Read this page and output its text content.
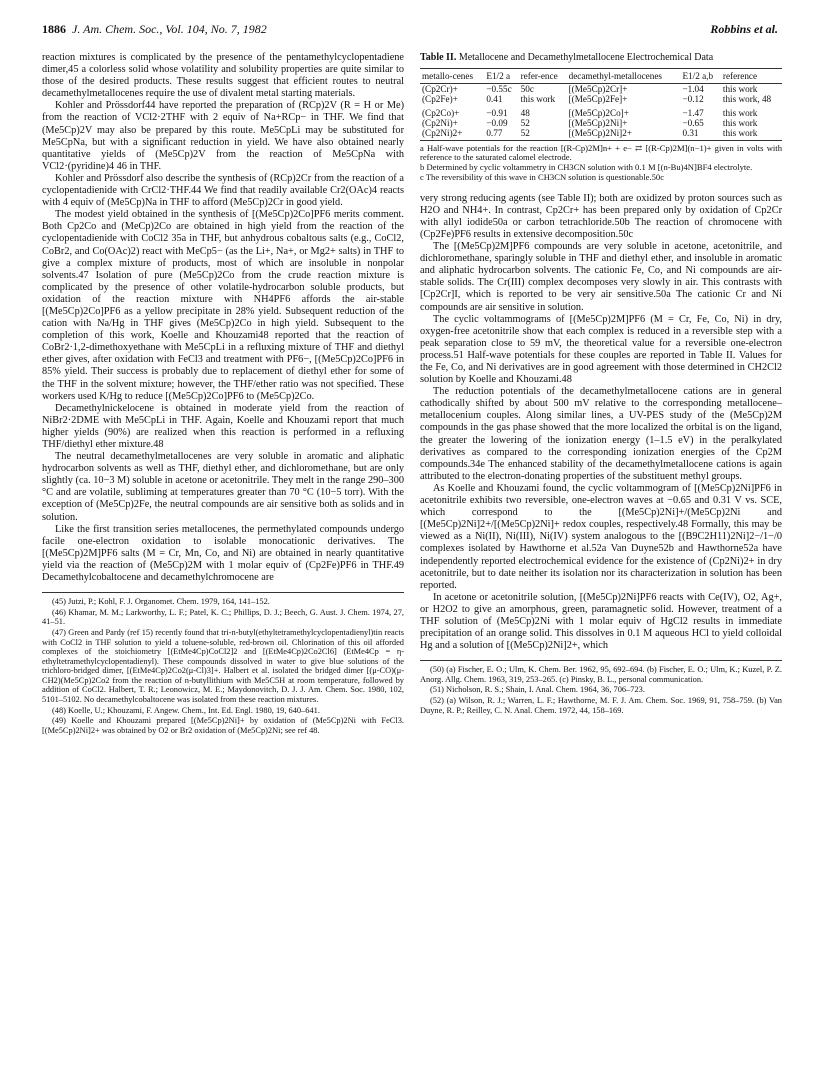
1886 J. Am. Chem. Soc., Vol. 104, No. 7, 1982	Robbins et al.

reaction mixtures is complicated by the presence of the pentamethylcyclopentadiene dimer,45 a colorless solid whose volatility and solubility properties are quite similar to those of the desired products. These results suggest that efficient routes to neutral decamethylmetallocenes require the use of divalent metal starting materials.

Kohler and Prössdorf44 have reported the preparation of (RCp)2V (R = H or Me) from the reaction of VCl2·2THF with 2 equiv of Na+RCp− in THF. We find that (Me5Cp)2V may also be prepared by this route. Me5CpLi may be substituted for Me5CpNa, but with a significant reduction in yield. We have also obtained nearly quantitative yields of (Me5Cp)2V from the reaction of Me5CpNa with VCl2·(pyridine)4 46 in THF.

Kohler and Prössdorf also describe the synthesis of (RCp)2Cr from the reaction of a cyclopentadienide with CrCl2·THF.44 We find that readily available Cr2(OAc)4 reacts with 4 equiv of (Me5Cp)Na in THF to afford (Me5Cp)2Cr in good yield.

The modest yield obtained in the synthesis of [(Me5Cp)2Co]PF6 merits comment. Both Cp2Co and (MeCp)2Co are obtained in high yield from the reaction of the cyclopentadienide with CoCl2 35a in THF, but anhydrous cobaltous salts (e.g., CoCl2, CoBr2, and Co(OAc)2) react with MeCp5− (as the Li+, Na+, or Mg2+ salts) in THF to give a complex mixture of products, most of which are insoluble in nonpolar solvents.47 Isolation of pure (Me5Cp)2Co from the crude reaction mixture is complicated by the presence of other volatile-hydrocarbon soluble products, but oxidation of the reaction mixture with NH4PF6 affords the air-stable [(Me5Cp)2Co]PF6 as a yellow precipitate in 28% yield. Subsequent reduction of the cation with Na/Hg in THF gives (Me5Cp)2Co in high yield. Subsequent to the completion of this work, Koelle and Khouzami48 reported that the reaction of CoBr2·1,2-dimethoxyethane with Me5CpLi in a refluxing mixture of THF and diethyl ether gives, after oxidation with FeCl3 and treatment with PF6−, [(Me5Cp)2Co]PF6 in 85% yield. Their success is probably due to replacement of diethyl ether for some of the THF in the solvent mixture; however, the THF/ether ratio was not specified. These workers used K/Hg to reduce [(Me5Cp)2Co]PF6 to (Me5Cp)2Co.

Decamethylnickelocene is obtained in moderate yield from the reaction of NiBr2·2DME with Me5CpLi in THF. Again, Koelle and Khouzami report that much higher yields (90%) are realized when this reaction is performed in a refluxing THF/diethyl ether mixture.48

The neutral decamethylmetallocenes are very soluble in aromatic and aliphatic hydrocarbon solvents as well as THF, diethyl ether, and dichloromethane, but are only slightly (ca. 10−3 M) soluble in acetone or acetonitrile. They melt in the range 290–300 °C and are volatile, subliming at temperatures greater than 70 °C (10−5 torr). With the exception of (Me5Cp)2Fe, the neutral compounds are air sensitive both as solids and in solution.

Like the first transition series metallocenes, the permethylated compounds undergo facile one-electron oxidation to isolable monocationic derivatives. The [(Me5Cp)2M]PF6 salts (M = Cr, Mn, Co, and Ni) are obtained in nearly quantitative yield via the reaction of (Me5Cp)2M with 1 molar equiv of (Cp2Fe)PF6 in THF.49 Decamethylcobaltocene and decamethylchromocene are

(45) Jutzi, P.; Kohl, F. J. Organomet. Chem. 1979, 164, 141–152.

(46) Khamar, M. M.; Larkworthy, L. F.; Patel, K. C.; Phillips, D. J.; Beech, G. Aust. J. Chem. 1974, 27, 41–51.

(47) Green and Pardy (ref 15) recently found that tri-n-butyl(ethyltetramethylcyclopentadienyl)tin reacts with CoCl2 in THF solution to yield a toluene-soluble, red-brown oil. Chlorination of this oil afforded complexes of the stoichiometry [(EtMe4Cp)CoCl2]2 and [(EtMe4Cp)2Co2Cl6] (EtMe4Cp = η-ethyltetramethylcyclopentadienyl). These compounds dissolved in water to give blue solutions of the trichloro-bridged dimer, [(EtMe4Cp)2Co2(μ-Cl)3]+. Halbert et al. isolated the bridged dimer [(μ-CO)(μ-CH2)(Me5Cp)2Co2 from the reaction of n-butyllithium with Me5C5H at room temperature, followed by addition of CoCl2. Halbert, T. R.; Leonowicz, M. E.; Maydonovitch, D. J. J. Am. Chem. Soc. 1980, 102, 5101–5102. No decamethylcobaltocene was isolated from these reaction mixtures.

(48) Koelle, U.; Khouzami, F. Angew. Chem., Int. Ed. Engl. 1980, 19, 640–641.

(49) Koelle and Khouzami prepared [(Me5Cp)2Ni]+ by oxidation of (Me5Cp)2Ni with FeCl3. [(Me5Cp)2Ni]2+ was obtained by O2 or Br2 oxidation of (Me5Cp)2Ni; see ref 48.

Table II. Metallocene and Decamethylmetallocene Electrochemical Data
metallo-cenes	E1/2 a	refer-ence	decamethyl-metallocenes	E1/2 a,b	reference
(Cp2Cr)+	−0.55c	50c	[(Me5Cp)2Cr]+	−1.04	this work
(Cp2Fe)+	0.41	this work	[(Me5Cp)2Fe]+	−0.12	this work, 48
(Cp2Co)+	−0.91	48	[(Me5Cp)2Co]+	−1.47	this work
(Cp2Ni)+	−0.09	52	[(Me5Cp)2Ni]+	−0.65	this work
(Cp2Ni)2+	0.77	52	[(Me5Cp)2Ni]2+	0.31	this work
a Half-wave potentials for the reaction [(R-Cp)2M]n+ + e− ⇄ [(R-Cp)2M](n−1)+ given in volts with reference to the saturated calomel electrode.
b Determined by cyclic voltammetry in CH3CN solution with 0.1 M [(n-Bu)4N]BF4 electrolyte.
c The reversibility of this wave in CH3CN solution is questionable.50c

very strong reducing agents (see Table II); both are oxidized by proton sources such as H2O and NH4+. In contrast, Cp2Cr+ has been prepared only by oxidation of Cp2Cr with allyl iodide50a or carbon tetrachloride.50b The reaction of chromocene with (Cp2Fe)PF6 results in extensive decomposition.50c

The [(Me5Cp)2M]PF6 compounds are very soluble in acetone, acetonitrile, and dichloromethane, sparingly soluble in THF and diethyl ether, and insoluble in aromatic and aliphatic hydrocarbon solvents. The cationic Fe, Co, and Ni compounds are air-stable solids. The Cr(III) complex decomposes very slowly in air. This contrasts with [Cp2Cr]I, which is reported to be very air sensitive.50a The cationic Cr and Ni compounds are air sensitive in solution.

The cyclic voltammograms of [(Me5Cp)2M]PF6 (M = Cr, Fe, Co, Ni) in dry, oxygen-free acetonitrile show that each complex is reduced in a reversible step with a peak separation close to 59 mV, the theoretical value for a reversible one-electron process.51 Half-wave potentials for these couples are reported in Table II. Values for the Fe, Co, and Ni derivatives are in good agreement with those determined in CH2Cl2 solution by Koelle and Khouzami.48

The reduction potentials of the decamethylmetallocene cations are in general cathodically shifted by about 500 mV relative to the corresponding metallocene–metallocenium couples. Along similar lines, a UV-PES study of the (Me5Cp)2M compounds in the gas phase showed that the more localized the orbital is on the ligand, the greater the lowering of the ionization energy (1–1.5 eV) in the peralkylated derivatives as compared to the corresponding ionization energies of the Cp2M compounds.34e The enhanced stability of the decamethylmetallocene cations is again attributed to the electron-donating properties of the substituent methyl groups.

As Koelle and Khouzami found, the cyclic voltammogram of [(Me5Cp)2Ni]PF6 in acetonitrile exhibits two reversible, one-electron waves at −0.65 and 0.31 V vs. SCE, which correspond to the [(Me5Cp)2Ni]+/(Me5Cp)2Ni and [(Me5Cp)2Ni]2+/[(Me5Cp)2Ni]+ redox couples, respectively.48 Formally, this may be viewed as a Ni(II), Ni(III), Ni(IV) system analogous to the [(B9C2H11)2Ni]2−/1−/0 complexes isolated by Hawthorne et al.52a Van Duyne52b and Hawthorne52a have independently reported electrochemical evidence for the existence of (Cp2Ni)2+ in dry acetonitrile, but to date neither its isolation nor its characterization in solution has been reported.

In acetone or acetonitrile solution, [(Me5Cp)2Ni]PF6 reacts with Ce(IV), O2, Ag+, or H2O2 to give an amorphous, green, paramagnetic solid. However, treatment of a THF solution of (Me5Cp)2Ni with 1 molar equiv of HgCl2 results in immediate precipitation of an orange solid. This dissolves in 0.1 M aqueous HCl to yield colloidal Hg and a solution of [(Me5Cp)2Ni]2+, which

(50) (a) Fischer, E. O.; Ulm, K. Chem. Ber. 1962, 95, 692–694. (b) Fischer, E. O.; Ulm, K.; Kuzel, P. Z. Anorg. Allg. Chem. 1963, 319, 253–265. (c) Pinsky, B. L., personal communication.

(51) Nicholson, R. S.; Shain, I. Anal. Chem. 1964, 36, 706–723.

(52) (a) Wilson, R. J.; Warren, L. F.; Hawthorne, M. F. J. Am. Chem. Soc. 1969, 91, 758–759. (b) Van Duyne, R. P.; Reilley, C. N. Anal. Chem. 1972, 44, 158–169.
